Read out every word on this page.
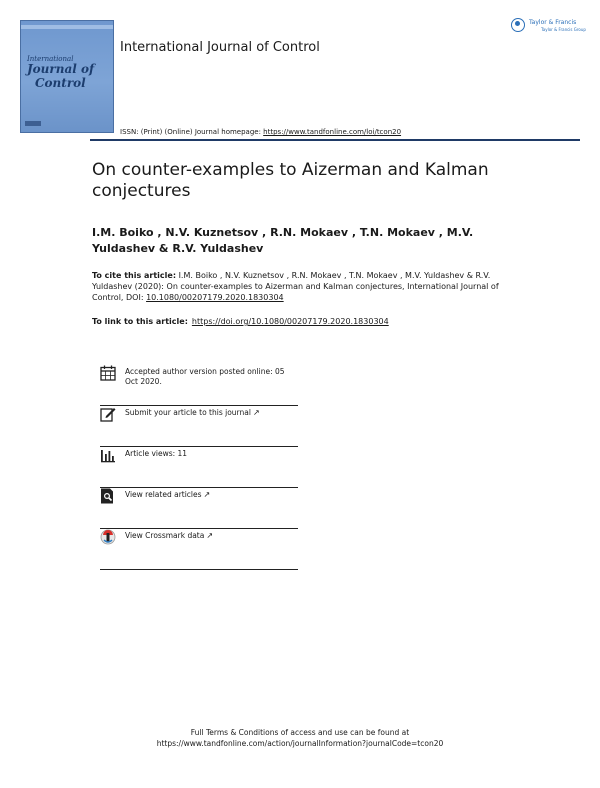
International
Journal of
Control
International Journal of Control
Taylor & Francis
Taylor & Francis Group
ISSN: (Print) (Online) Journal homepage: https://www.tandfonline.com/loi/tcon20
On counter-examples to Aizerman and Kalman conjectures
I.M. Boiko , N.V. Kuznetsov , R.N. Mokaev , T.N. Mokaev , M.V. Yuldashev & R.V. Yuldashev
To cite this article: I.M. Boiko , N.V. Kuznetsov , R.N. Mokaev , T.N. Mokaev , M.V. Yuldashev & R.V. Yuldashev (2020): On counter-examples to Aizerman and Kalman conjectures, International Journal of Control, DOI: 10.1080/00207179.2020.1830304
To link to this article: https://doi.org/10.1080/00207179.2020.1830304
Accepted author version posted online: 05 Oct 2020.
Submit your article to this journal ↗
Article views: 11
View related articles ↗
View Crossmark data ↗
Full Terms & Conditions of access and use can be found at
https://www.tandfonline.com/action/journalInformation?journalCode=tcon20
